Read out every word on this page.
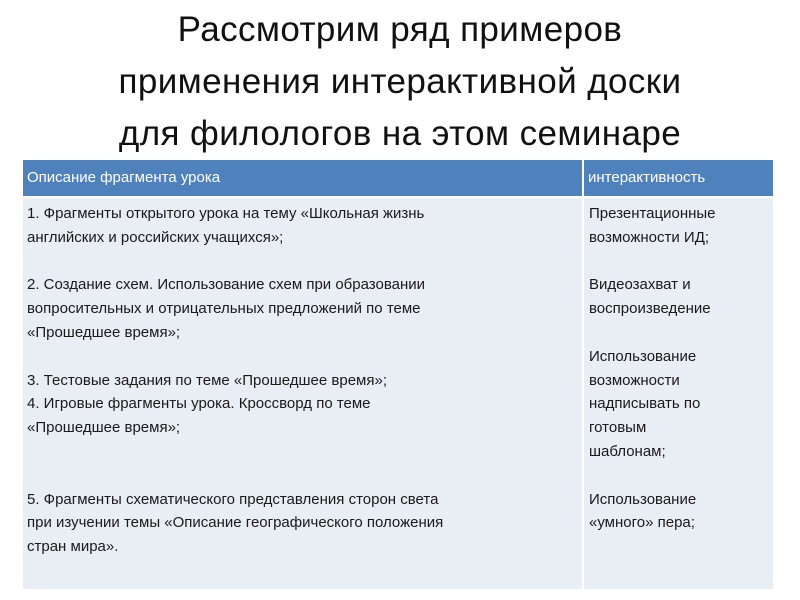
Рассмотрим ряд примеров
применения интерактивной доски
для филологов на этом семинаре
Описание фрагмента урока	интерактивность
1. Фрагменты открытого урока на тему «Школьная жизнь
английских и российских учащихся»;
2. Создание схем. Использование схем при образовании
вопросительных и отрицательных предложений по теме
«Прошедшее время»;
3. Тестовые задания по теме «Прошедшее время»;
4. Игровые фрагменты урока. Кроссворд по теме
«Прошедшее время»;
5. Фрагменты схематического представления сторон света
при изучении темы «Описание географического положения
стран мира».
Презентационные
возможности ИД;
Видеозахват и
воспроизведение
Использование
возможности
надписывать по
готовым
шаблонам;
Использование
«умного» пера;
